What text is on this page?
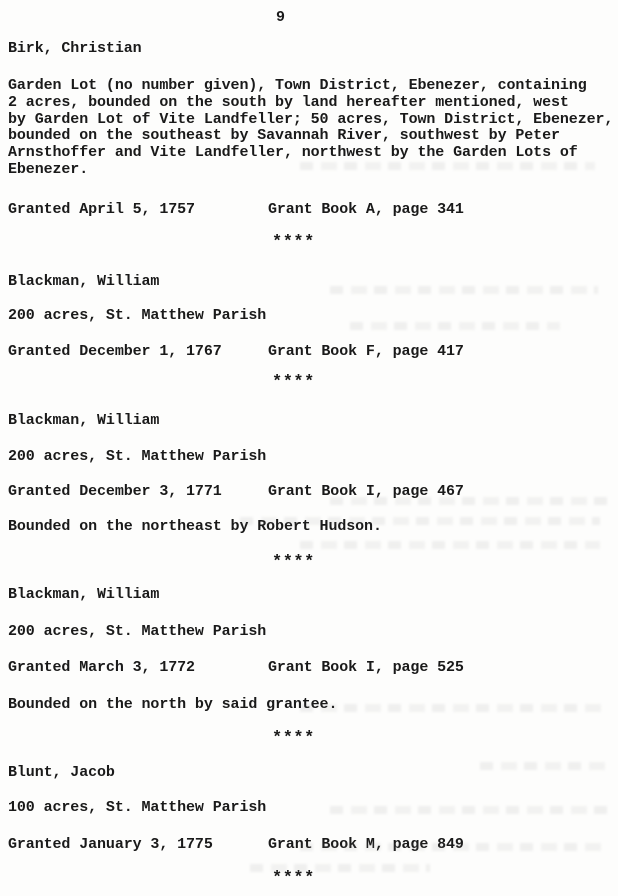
9
Birk, Christian
Garden Lot (no number given), Town District, Ebenezer, containing
2 acres, bounded on the south by land hereafter mentioned, west
by Garden Lot of Vite Landfeller; 50 acres, Town District, Ebenezer,
bounded on the southeast by Savannah River, southwest by Peter
Arnsthoffer and Vite Landfeller, northwest by the Garden Lots of
Ebenezer.
Granted April 5, 1757	Grant Book A, page 341
****
Blackman, William
200 acres, St. Matthew Parish
Granted December 1, 1767	Grant Book F, page 417
****
Blackman, William
200 acres, St. Matthew Parish
Granted December 3, 1771	Grant Book I, page 467
Bounded on the northeast by Robert Hudson.
****
Blackman, William
200 acres, St. Matthew Parish
Granted March 3, 1772	Grant Book I, page 525
Bounded on the north by said grantee.
****
Blunt, Jacob
100 acres, St. Matthew Parish
Granted January 3, 1775	Grant Book M, page 849
****
